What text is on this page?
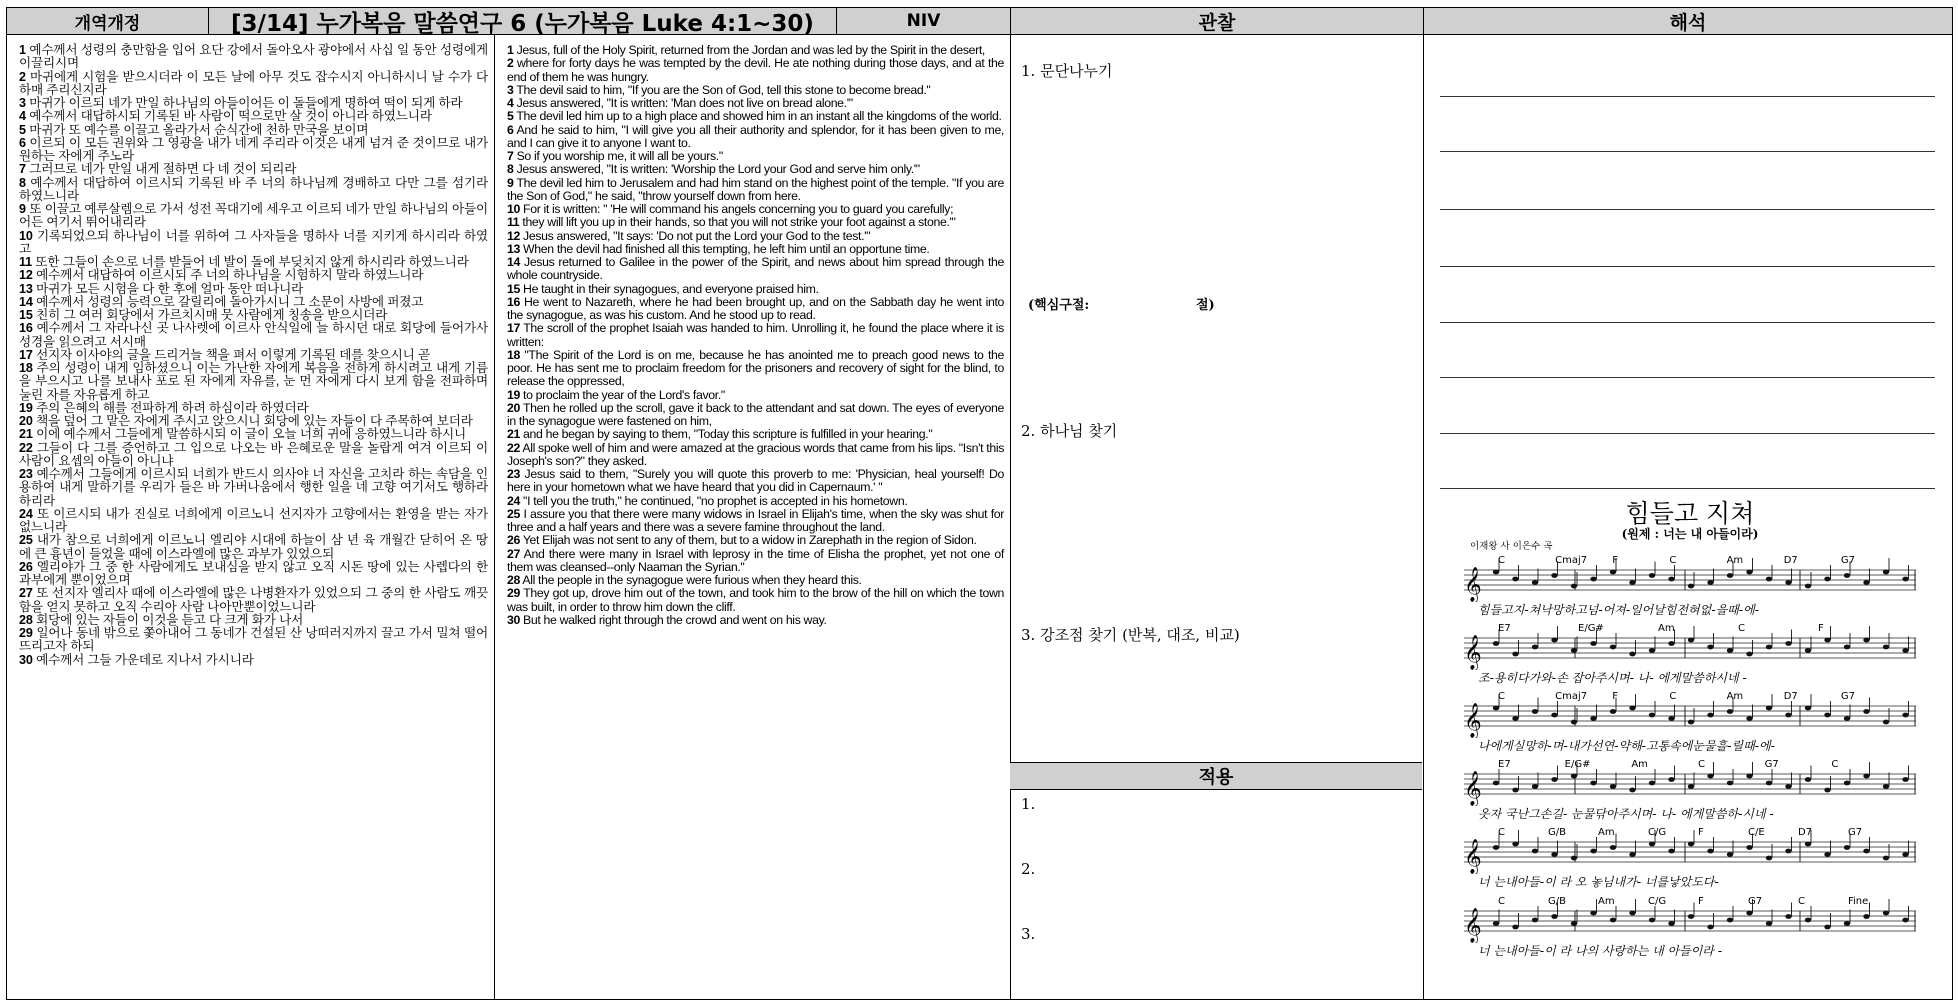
개역개정	[3/14] 누가복음 말씀연구 6 (누가복음 Luke 4:1~30)	NIV	관찰	해석

1 예수께서 성령의 충만함을 입어 요단 강에서 돌아오사 광야에서 사십 일 동안 성령에게 이끌리시며

2 마귀에게 시험을 받으시더라 이 모든 날에 아무 것도 잡수시지 아니하시니 날 수가 다하매 주리신지라

3 마귀가 이르되 네가 만일 하나님의 아들이어든 이 돌들에게 명하여 떡이 되게 하라

4 예수께서 대답하시되 기록된 바 사람이 떡으로만 살 것이 아니라 하였느니라

5 마귀가 또 예수를 이끌고 올라가서 순식간에 천하 만국을 보이며

6 이르되 이 모든 권위와 그 영광을 내가 네게 주리라 이것은 내게 넘겨 준 것이므로 내가 원하는 자에게 주노라

7 그러므로 네가 만일 내게 절하면 다 네 것이 되리라

8 예수께서 대답하여 이르시되 기록된 바 주 너의 하나님께 경배하고 다만 그를 섬기라 하였느니라

9 또 이끌고 예루살렘으로 가서 성전 꼭대기에 세우고 이르되 네가 만일 하나님의 아들이어든 여기서 뛰어내리라

10 기록되었으되 하나님이 너를 위하여 그 사자들을 명하사 너를 지키게 하시리라 하였고

11 또한 그들이 손으로 너를 받들어 네 발이 돌에 부딪치지 않게 하시리라 하였느니라

12 예수께서 대답하여 이르시되 주 너의 하나님을 시험하지 말라 하였느니라

13 마귀가 모든 시험을 다 한 후에 얼마 동안 떠나니라

14 예수께서 성령의 능력으로 갈릴리에 돌아가시니 그 소문이 사방에 퍼졌고

15 친히 그 여러 회당에서 가르치시매 뭇 사람에게 칭송을 받으시더라

16 예수께서 그 자라나신 곳 나사렛에 이르사 안식일에 늘 하시던 대로 회당에 들어가사 성경을 읽으려고 서시매

17 선지자 이사야의 글을 드리거늘 책을 펴서 이렇게 기록된 데를 찾으시니 곧

18 주의 성령이 내게 임하셨으니 이는 가난한 자에게 복음을 전하게 하시려고 내게 기름을 부으시고 나를 보내사 포로 된 자에게 자유를, 눈 먼 자에게 다시 보게 함을 전파하며 눌린 자를 자유롭게 하고

19 주의 은혜의 해를 전파하게 하려 하심이라 하였더라

20 책을 덮어 그 맡은 자에게 주시고 앉으시니 회당에 있는 자들이 다 주목하여 보더라

21 이에 예수께서 그들에게 말씀하시되 이 글이 오늘 너희 귀에 응하였느니라 하시니

22 그들이 다 그를 증언하고 그 입으로 나오는 바 은혜로운 말을 놀랍게 여겨 이르되 이 사람이 요셉의 아들이 아니냐

23 예수께서 그들에게 이르시되 너희가 반드시 의사야 너 자신을 고치라 하는 속담을 인용하여 내게 말하기를 우리가 들은 바 가버나움에서 행한 일을 네 고향 여기서도 행하라 하리라

24 또 이르시되 내가 진실로 너희에게 이르노니 선지자가 고향에서는 환영을 받는 자가 없느니라

25 내가 참으로 너희에게 이르노니 엘리야 시대에 하늘이 삼 년 육 개월간 닫히어 온 땅에 큰 흉년이 들었을 때에 이스라엘에 많은 과부가 있었으되

26 엘리야가 그 중 한 사람에게도 보내심을 받지 않고 오직 시돈 땅에 있는 사렙다의 한 과부에게 뿐이었으며

27 또 선지자 엘리사 때에 이스라엘에 많은 나병환자가 있었으되 그 중의 한 사람도 깨끗함을 얻지 못하고 오직 수리아 사람 나아만뿐이었느니라

28 회당에 있는 자들이 이것을 듣고 다 크게 화가 나서

29 일어나 동네 밖으로 쫓아내어 그 동네가 건설된 산 낭떠러지까지 끌고 가서 밀쳐 떨어뜨리고자 하되

30 예수께서 그들 가운데로 지나서 가시니라

1 Jesus, full of the Holy Spirit, returned from the Jordan and was led by the Spirit in the desert,

2 where for forty days he was tempted by the devil. He ate nothing during those days, and at the end of them he was hungry.

3 The devil said to him, "If you are the Son of God, tell this stone to become bread."

4 Jesus answered, "It is written: 'Man does not live on bread alone.'"

5 The devil led him up to a high place and showed him in an instant all the kingdoms of the world.

6 And he said to him, "I will give you all their authority and splendor, for it has been given to me, and I can give it to anyone I want to.

7 So if you worship me, it will all be yours."

8 Jesus answered, "It is written: 'Worship the Lord your God and serve him only.'"

9 The devil led him to Jerusalem and had him stand on the highest point of the temple. "If you are the Son of God," he said, "throw yourself down from here.

10 For it is written: " 'He will command his angels concerning you to guard you carefully;

11 they will lift you up in their hands, so that you will not strike your foot against a stone.'"

12 Jesus answered, "It says: 'Do not put the Lord your God to the test.'"

13 When the devil had finished all this tempting, he left him until an opportune time.

14 Jesus returned to Galilee in the power of the Spirit, and news about him spread through the whole countryside.

15 He taught in their synagogues, and everyone praised him.

16 He went to Nazareth, where he had been brought up, and on the Sabbath day he went into the synagogue, as was his custom. And he stood up to read.

17 The scroll of the prophet Isaiah was handed to him. Unrolling it, he found the place where it is written:

18 "The Spirit of the Lord is on me, because he has anointed me to preach good news to the poor. He has sent me to proclaim freedom for the prisoners and recovery of sight for the blind, to release the oppressed,

19 to proclaim the year of the Lord's favor."

20 Then he rolled up the scroll, gave it back to the attendant and sat down. The eyes of everyone in the synagogue were fastened on him,

21 and he began by saying to them, "Today this scripture is fulfilled in your hearing."

22 All spoke well of him and were amazed at the gracious words that came from his lips. "Isn't this Joseph's son?" they asked.

23 Jesus said to them, "Surely you will quote this proverb to me: 'Physician, heal yourself! Do here in your hometown what we have heard that you did in Capernaum.' "

24 "I tell you the truth," he continued, "no prophet is accepted in his hometown.

25 I assure you that there were many widows in Israel in Elijah's time, when the sky was shut for three and a half years and there was a severe famine throughout the land.

26 Yet Elijah was not sent to any of them, but to a widow in Zarephath in the region of Sidon.

27 And there were many in Israel with leprosy in the time of Elisha the prophet, yet not one of them was cleansed--only Naaman the Syrian."

28 All the people in the synagogue were furious when they heard this.

29 They got up, drove him out of the town, and took him to the brow of the hill on which the town was built, in order to throw him down the cliff.

30 But he walked right through the crowd and went on his way.

1. 문단나누기
(핵심구절:	절)
2. 하나님 찾기
3. 강조점 찾기 (반복, 대조, 비교)
적용
1.
2.
3.
힘들고 지쳐
(원제 : 너는 내 아들이라)
이재왕 사 이은수 곡
𝄞
C	Cmaj7	F	C	Am	D7	G7
힘들고지-쳐낙망하고넘-어져-일어날힘전혀없-을때-에-
𝄞
E7	E/G#	Am	C	F
조-용히다가와-손 잡아주시며- 나- 에게말씀하시네 -
𝄞
C	Cmaj7	F	C	Am	D7	G7
나에게실망하-며-내가선연-약해-고통속에눈물흘-릴때-에-
𝄞
E7	E/G#	Am	C	G7	C
옷자 국난그손길- 눈물닦아주시며- 나- 에게말씀하-시네 -
𝄞
C	G/B	Am	C/G	F	C/E	D7	G7
너 는내아들-이 라 오 놓님내가- 너를낳았도다-
𝄞
C	G/B	Am	C/G	F	G7	C	Fine
너 는내아들-이 라 나의 사랑하는 내 아들이라 -
